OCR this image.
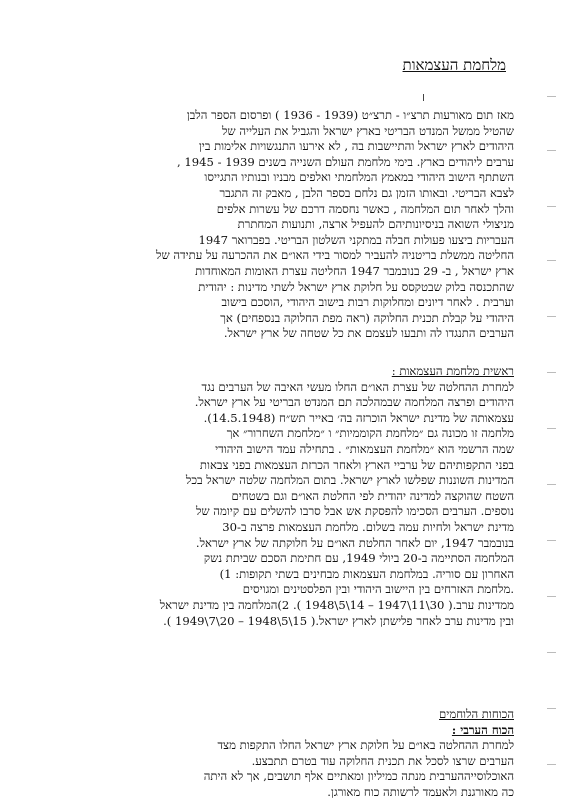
מלחמת העצמאות
מאז תום מאורעות תרצ״ו - תרצ״ט (1939 - 1936 ) ופרסום הספר הלבן
שהטיל ממשל המנדט הבריטי בארץ ישראל והגביל את העלייה של
היהודים לארץ ישראל והתיישבות בה , לא אירעו התנגשויות אלימות בין
ערבים ליהודים בארץ. בימי מלחמת העולם השנייה בשנים 1939 - 1945 ,
השתתף הישוב היהודי במאמץ המלחמתי ואלפים מבניו ובנותיו התגייסו
לצבא הבריטי. ובאותו הזמן גם נלחם בספר הלבן , מאבק זה התגבר
והלך לאחר תום המלחמה , כאשר נחסמה דרכם של עשרות אלפים
מניצולי השואה בניסיונותיהם להעפיל ארצה, ותנועות המחתרת
העבריות ביצעו פעולות חבלה במתקני השלטון הבריטי. בפברואר 1947
החליטה ממשלת בריטניה להעביר למסור בידי האו״ם את ההכרעה על עתידה של
ארץ ישראל , ב- 29 בנובמבר 1947 החליטה עצרת האומות המאוחדות
שהתכנסה בלוק שבטקסס על חלוקת ארץ ישראל לשתי מדינות : יהודית
וערבית . לאחר דיונים ומחלוקות רבות בישוב היהודי ,הוסכם בישוב
היהודי על קבלת תכנית החלוקה (ראה מפת החלוקה בנספחים) אך
הערבים התנגדו לה ותבעו לעצמם את כל שטחה של ארץ ישראל.
ראשית מלחמת העצמאות :
למחרת ההחלטה של עצרת האו״ם החלו מעשי האיבה של הערבים נגד
היהודים ופרצה המלחמה שבמהלכה תם המנדט הבריטי על ארץ ישראל.
עצמאותה של מדינת ישראל הוכרזה בה׳ באייר תש״ח (14.5.1948).
מלחמה זו מכונה גם ״מלחמת הקוממיות״ ו ״מלחמת השחרור״ אך
שמה הרשמי הוא ״מלחמת העצמאות״ . בתחילה עמד הישוב היהודי
בפני התקפותיהם של ערביי הארץ ולאחר הכרזת העצמאות בפני צבאות
המדינות השוננות שפלשו לארץ ישראל. בתום המלחמה שלטה ישראל בכל
השטח שהוקצה למדינה יהודית לפי החלטת האו״ם וגם בשטחים
נוספים. הערבים הסכימו להפסקת אש אבל סרבו להשלים עם קיומה של
מדינת ישראל ולחיות עמה בשלום. מלחמת העצמאות פרצה ב-30
בנובמבר 1947, יום לאחר החלטת האו״ם על חלוקתה של ארץ ישראל.
המלחמה הסתיימה ב-20 ביולי 1949, עם חתימת הסכם שביתת נשק
האחרון עם סוריה. במלחמת העצמאות מבחינים בשתי תקופות: 1)
.מלחמת האזרחים בין היישוב היהודי ובין הפלסטינים ומגויסים
ממדינות ערב.( 30\11\1947 – 14\5\1948 ). 2)המלחמה בין מדינת ישראל
ובין מדינות ערב לאחר פלישתן לארץ ישראל.( 15\5\1948 – 20\7\1949 ).
הכוחות הלוחמים
הכוח הערבי :
למחרת ההחלטה באו״ם על חלוקת ארץ ישראל החלו התקפות מצד
הערבים שרצו לסכל את תכנית החלוקה עוד בטרם תתבצע.
האוכלוסייההערבית מנתה כמיליון ומאתיים אלף תושבים, אך לא היתה
כה מאורגנת ולאעמד לרשותה כוח מאורגן.
